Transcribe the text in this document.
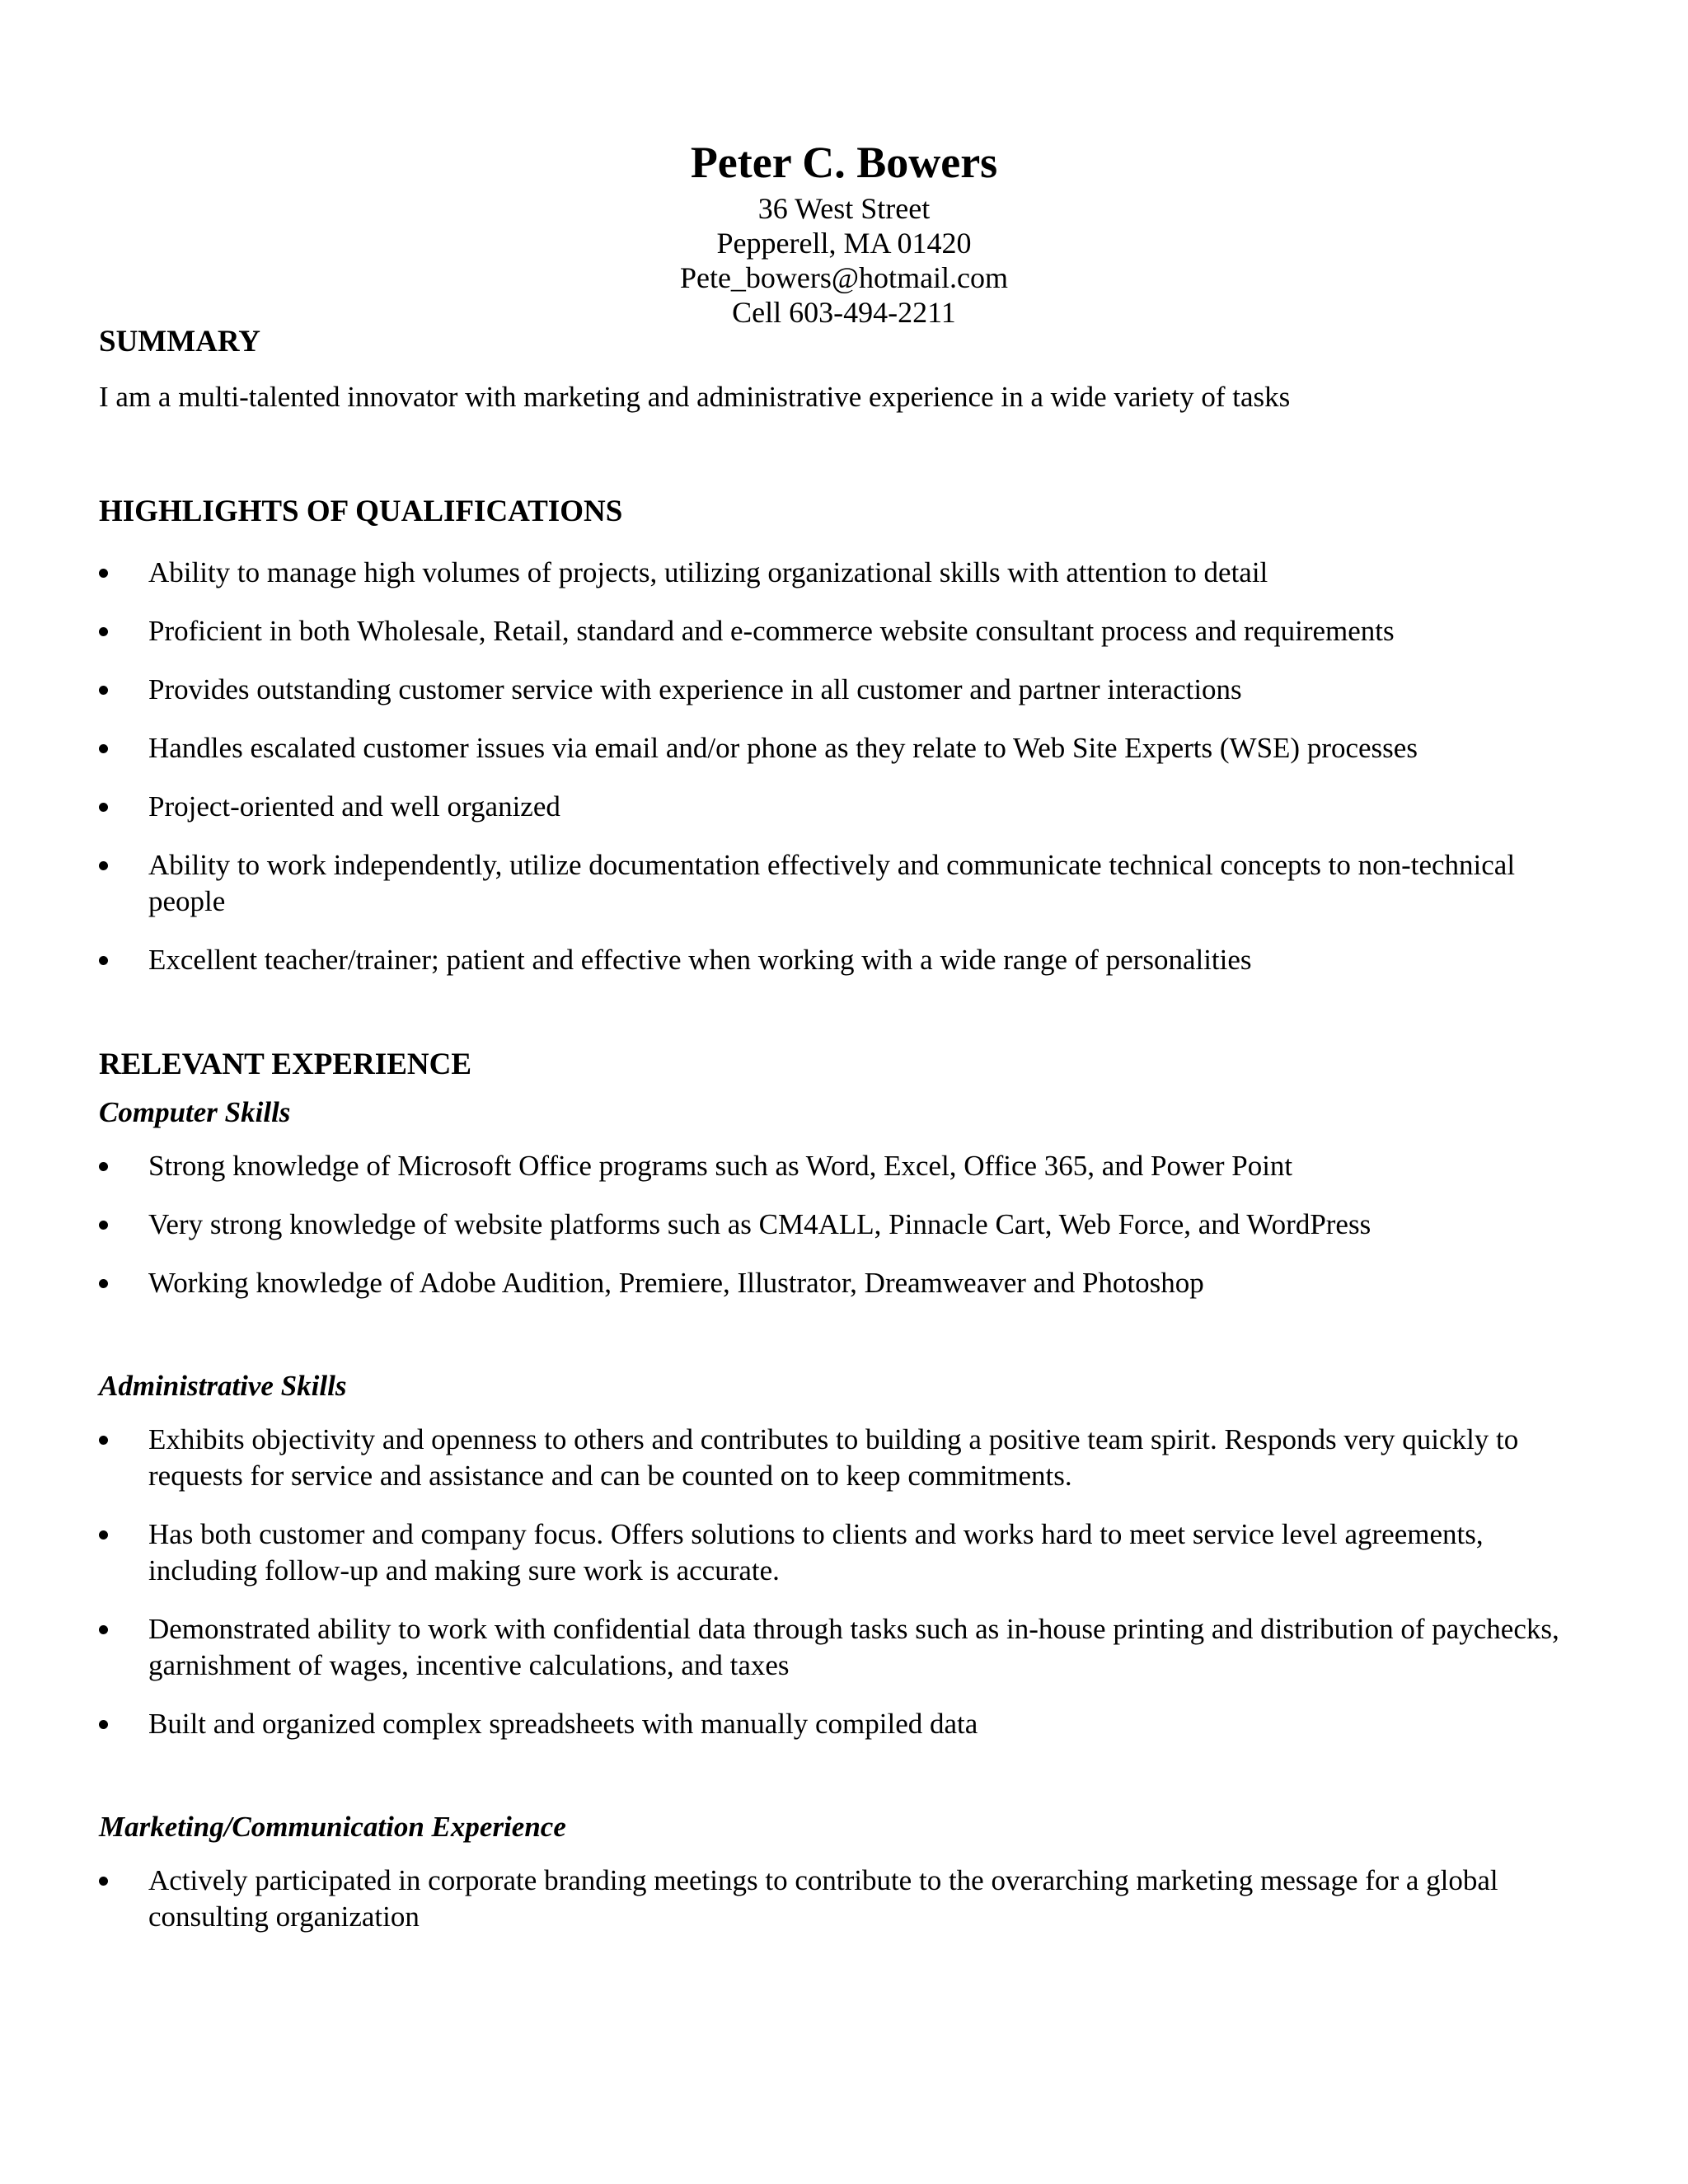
Peter C. Bowers

36 West Street

Pepperell, MA 01420

Pete_bowers@hotmail.com

Cell 603-494-2211

SUMMARY

I am a multi-talented innovator with marketing and administrative experience in a wide variety of tasks

HIGHLIGHTS OF QUALIFICATIONS
Ability to manage high volumes of projects, utilizing organizational skills with attention to detail
Proficient in both Wholesale, Retail, standard and e-commerce website consultant process and requirements
Provides outstanding customer service with experience in all customer and partner interactions
Handles escalated customer issues via email and/or phone as they relate to Web Site Experts (WSE) processes
Project-oriented and well organized
Ability to work independently, utilize documentation effectively and communicate technical concepts to non-technical people
Excellent teacher/trainer; patient and effective when working with a wide range of personalities
RELEVANT EXPERIENCE

Computer Skills

Strong knowledge of Microsoft Office programs such as Word, Excel, Office 365, and Power Point
Very strong knowledge of website platforms such as CM4ALL, Pinnacle Cart, Web Force, and WordPress
Working knowledge of Adobe Audition, Premiere, Illustrator, Dreamweaver and Photoshop

Administrative Skills

Exhibits objectivity and openness to others and contributes to building a positive team spirit. Responds very quickly to requests for service and assistance and can be counted on to keep commitments.
Has both customer and company focus. Offers solutions to clients and works hard to meet service level agreements, including follow-up and making sure work is accurate.
Demonstrated ability to work with confidential data through tasks such as in-house printing and distribution of paychecks, garnishment of wages, incentive calculations, and taxes
Built and organized complex spreadsheets with manually compiled data

Marketing/Communication Experience

Actively participated in corporate branding meetings to contribute to the overarching marketing message for a global consulting organization
